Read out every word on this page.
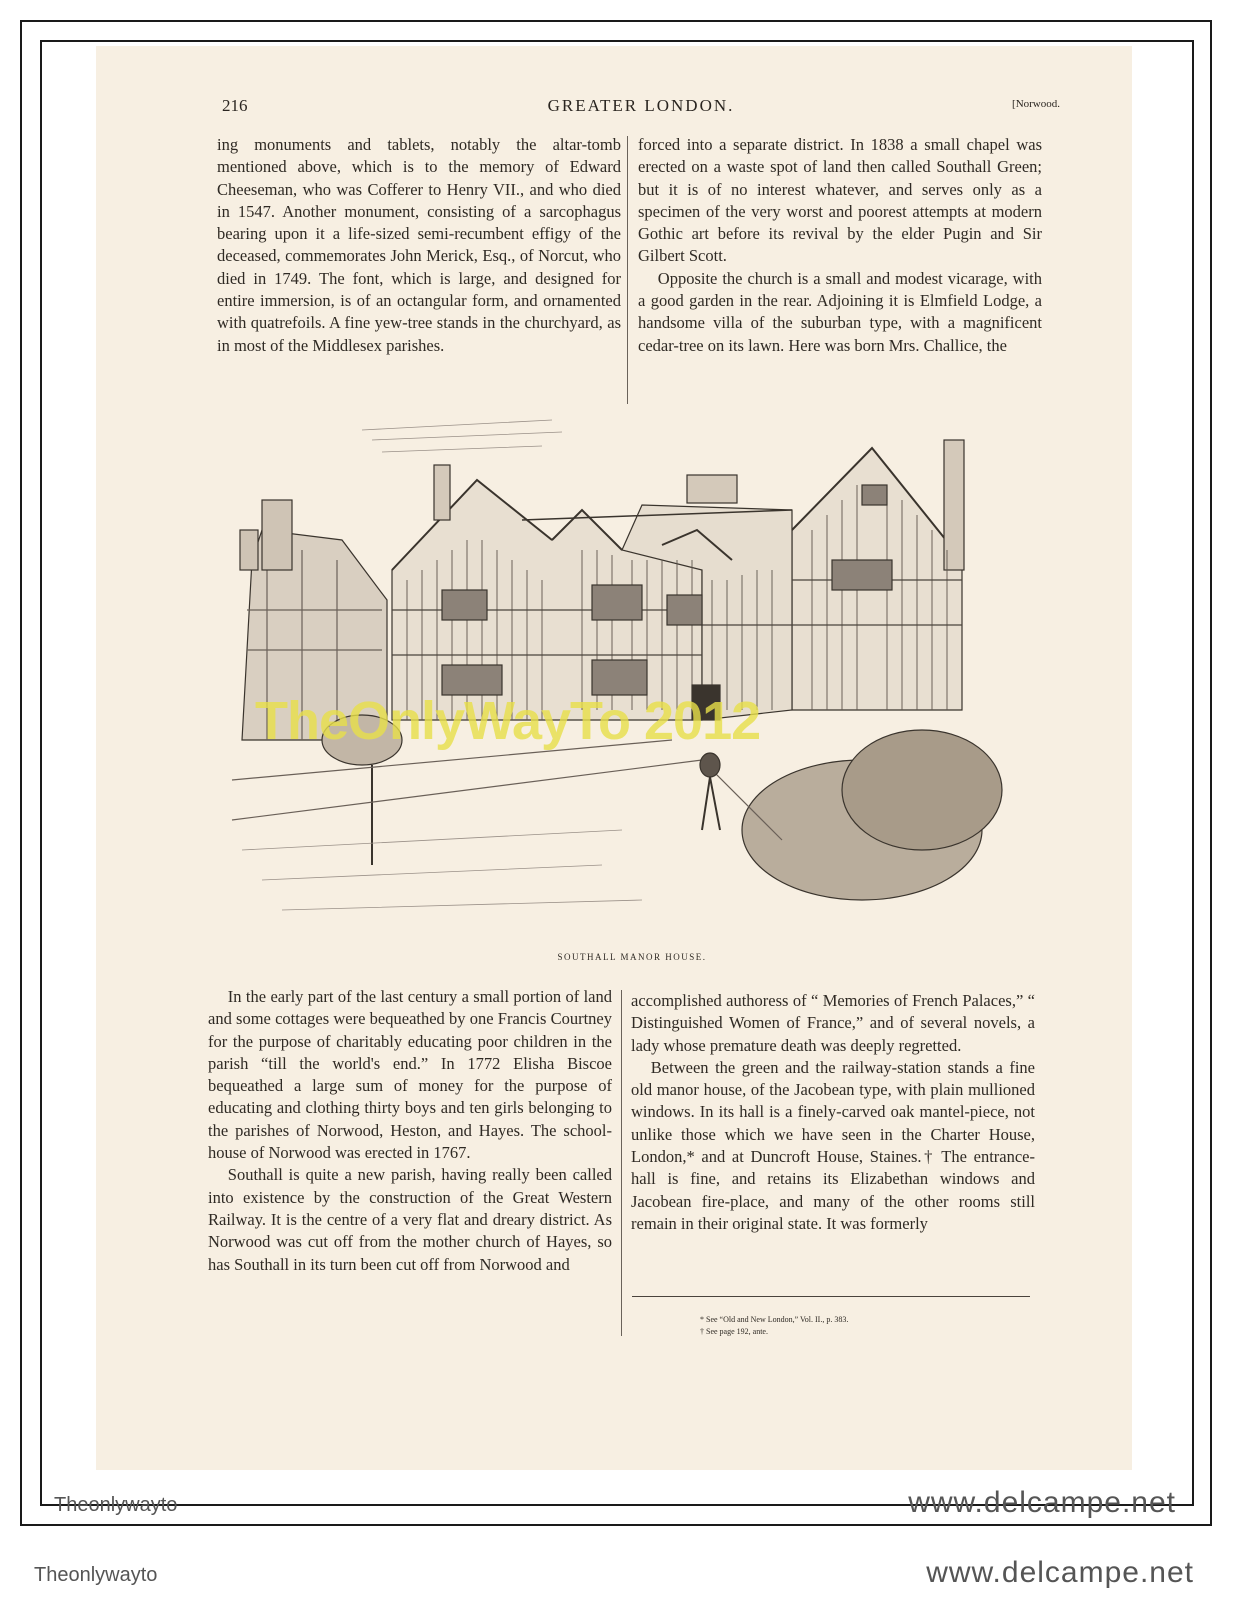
216	GREATER LONDON.	[Norwood.

ing monuments and tablets, notably the altar-tomb mentioned above, which is to the memory of Edward Cheeseman, who was Cofferer to Henry VII., and who died in 1547. Another monument, consisting of a sarcophagus bearing upon it a life-sized semi-recumbent effigy of the deceased, commemorates John Merick, Esq., of Norcut, who died in 1749. The font, which is large, and designed for entire immersion, is of an octangular form, and ornamented with quatrefoils. A fine yew-tree stands in the churchyard, as in most of the Middlesex parishes.

forced into a separate district. In 1838 a small chapel was erected on a waste spot of land then called Southall Green; but it is of no interest whatever, and serves only as a specimen of the very worst and poorest attempts at modern Gothic art before its revival by the elder Pugin and Sir Gilbert Scott.

Opposite the church is a small and modest vicarage, with a good garden in the rear. Adjoining it is Elmfield Lodge, a handsome villa of the suburban type, with a magnificent cedar-tree on its lawn. Here was born Mrs. Challice, the

TheOnlyWayTo 2012
SOUTHALL MANOR HOUSE.

In the early part of the last century a small portion of land and some cottages were bequeathed by one Francis Courtney for the purpose of charitably educating poor children in the parish “till the world's end.” In 1772 Elisha Biscoe bequeathed a large sum of money for the purpose of educating and clothing thirty boys and ten girls belonging to the parishes of Norwood, Heston, and Hayes. The school-house of Norwood was erected in 1767.

Southall is quite a new parish, having really been called into existence by the construction of the Great Western Railway. It is the centre of a very flat and dreary district. As Norwood was cut off from the mother church of Hayes, so has Southall in its turn been cut off from Norwood and

accomplished authoress of “ Memories of French Palaces,” “ Distinguished Women of France,” and of several novels, a lady whose premature death was deeply regretted.

Between the green and the railway-station stands a fine old manor house, of the Jacobean type, with plain mullioned windows. In its hall is a finely-carved oak mantel-piece, not unlike those which we have seen in the Charter House, London,* and at Duncroft House, Staines.† The entrance-hall is fine, and retains its Elizabethan windows and Jacobean fire-place, and many of the other rooms still remain in their original state. It was formerly

* See “Old and New London,” Vol. II., p. 383.
† See page 192, ante.
Theonlywayto	www.delcampe.net
Theonlywayto	www.delcampe.net
